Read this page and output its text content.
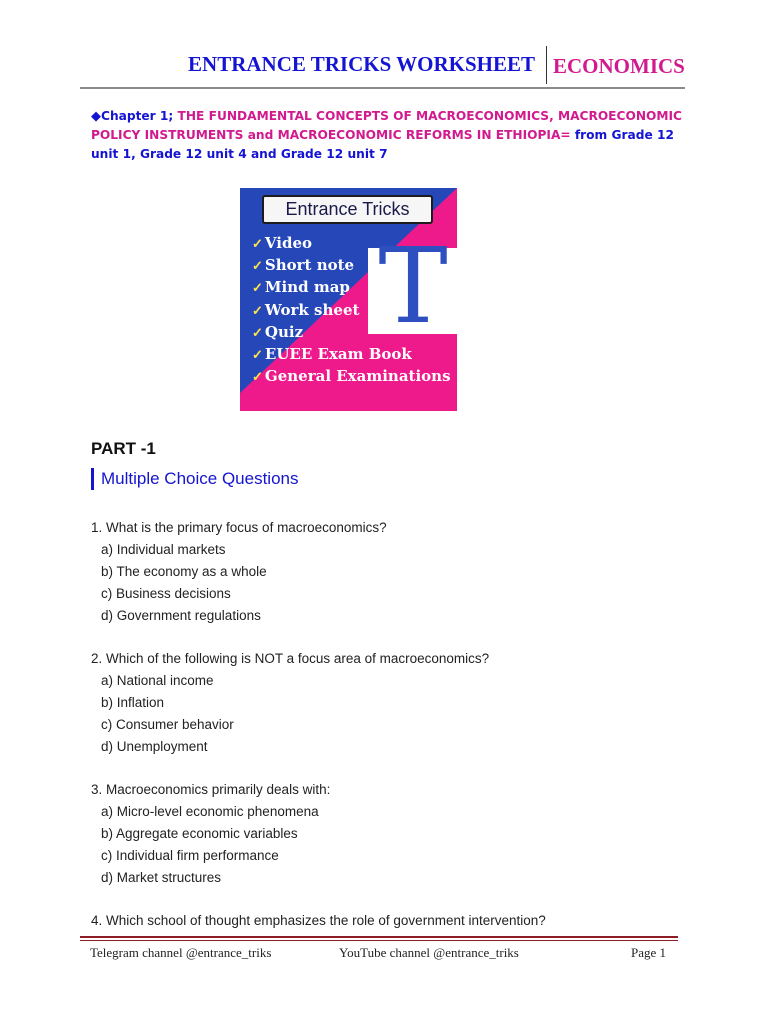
ENTRANCE TRICKS WORKSHEET ECONOMICS
◆Chapter 1; THE FUNDAMENTAL CONCEPTS OF MACROECONOMICS, MACROECONOMIC POLICY INSTRUMENTS and MACROECONOMIC REFORMS IN ETHIOPIA= from Grade 12 unit 1, Grade 12 unit 4 and Grade 12 unit 7
Entrance Tricks
✓ Video
✓ Short note
✓ Mind map
✓ Work sheet
✓ Quiz
✓ EUEE Exam Book
✓ General Examinations
T
PART -1
Multiple Choice Questions
1. What is the primary focus of macroeconomics?
a) Individual markets
b) The economy as a whole
c) Business decisions
d) Government regulations
2. Which of the following is NOT a focus area of macroeconomics?
a) National income
b) Inflation
c) Consumer behavior
d) Unemployment
3. Macroeconomics primarily deals with:
a) Micro-level economic phenomena
b) Aggregate economic variables
c) Individual firm performance
d) Market structures
4. Which school of thought emphasizes the role of government intervention?
Telegram channel @entrance_triks	YouTube channel @entrance_triks	Page 1
